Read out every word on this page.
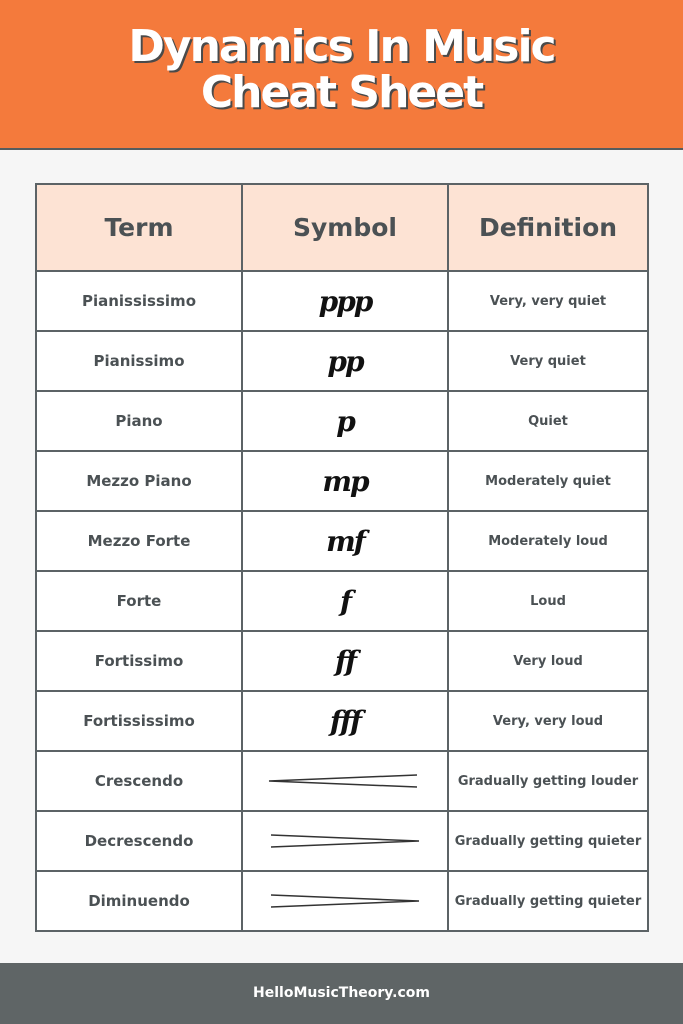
Dynamics In Music
Cheat Sheet
Term	Symbol	Definition
Pianississimo	ppp	Very, very quiet
Pianissimo	pp	Very quiet
Piano	p	Quiet
Mezzo Piano	mp	Moderately quiet
Mezzo Forte	mf	Moderately loud
Forte	f	Loud
Fortissimo	ff	Very loud
Fortississimo	fff	Very, very loud
Crescendo		Gradually getting louder
Decrescendo		Gradually getting quieter
Diminuendo		Gradually getting quieter
HelloMusicTheory.com
